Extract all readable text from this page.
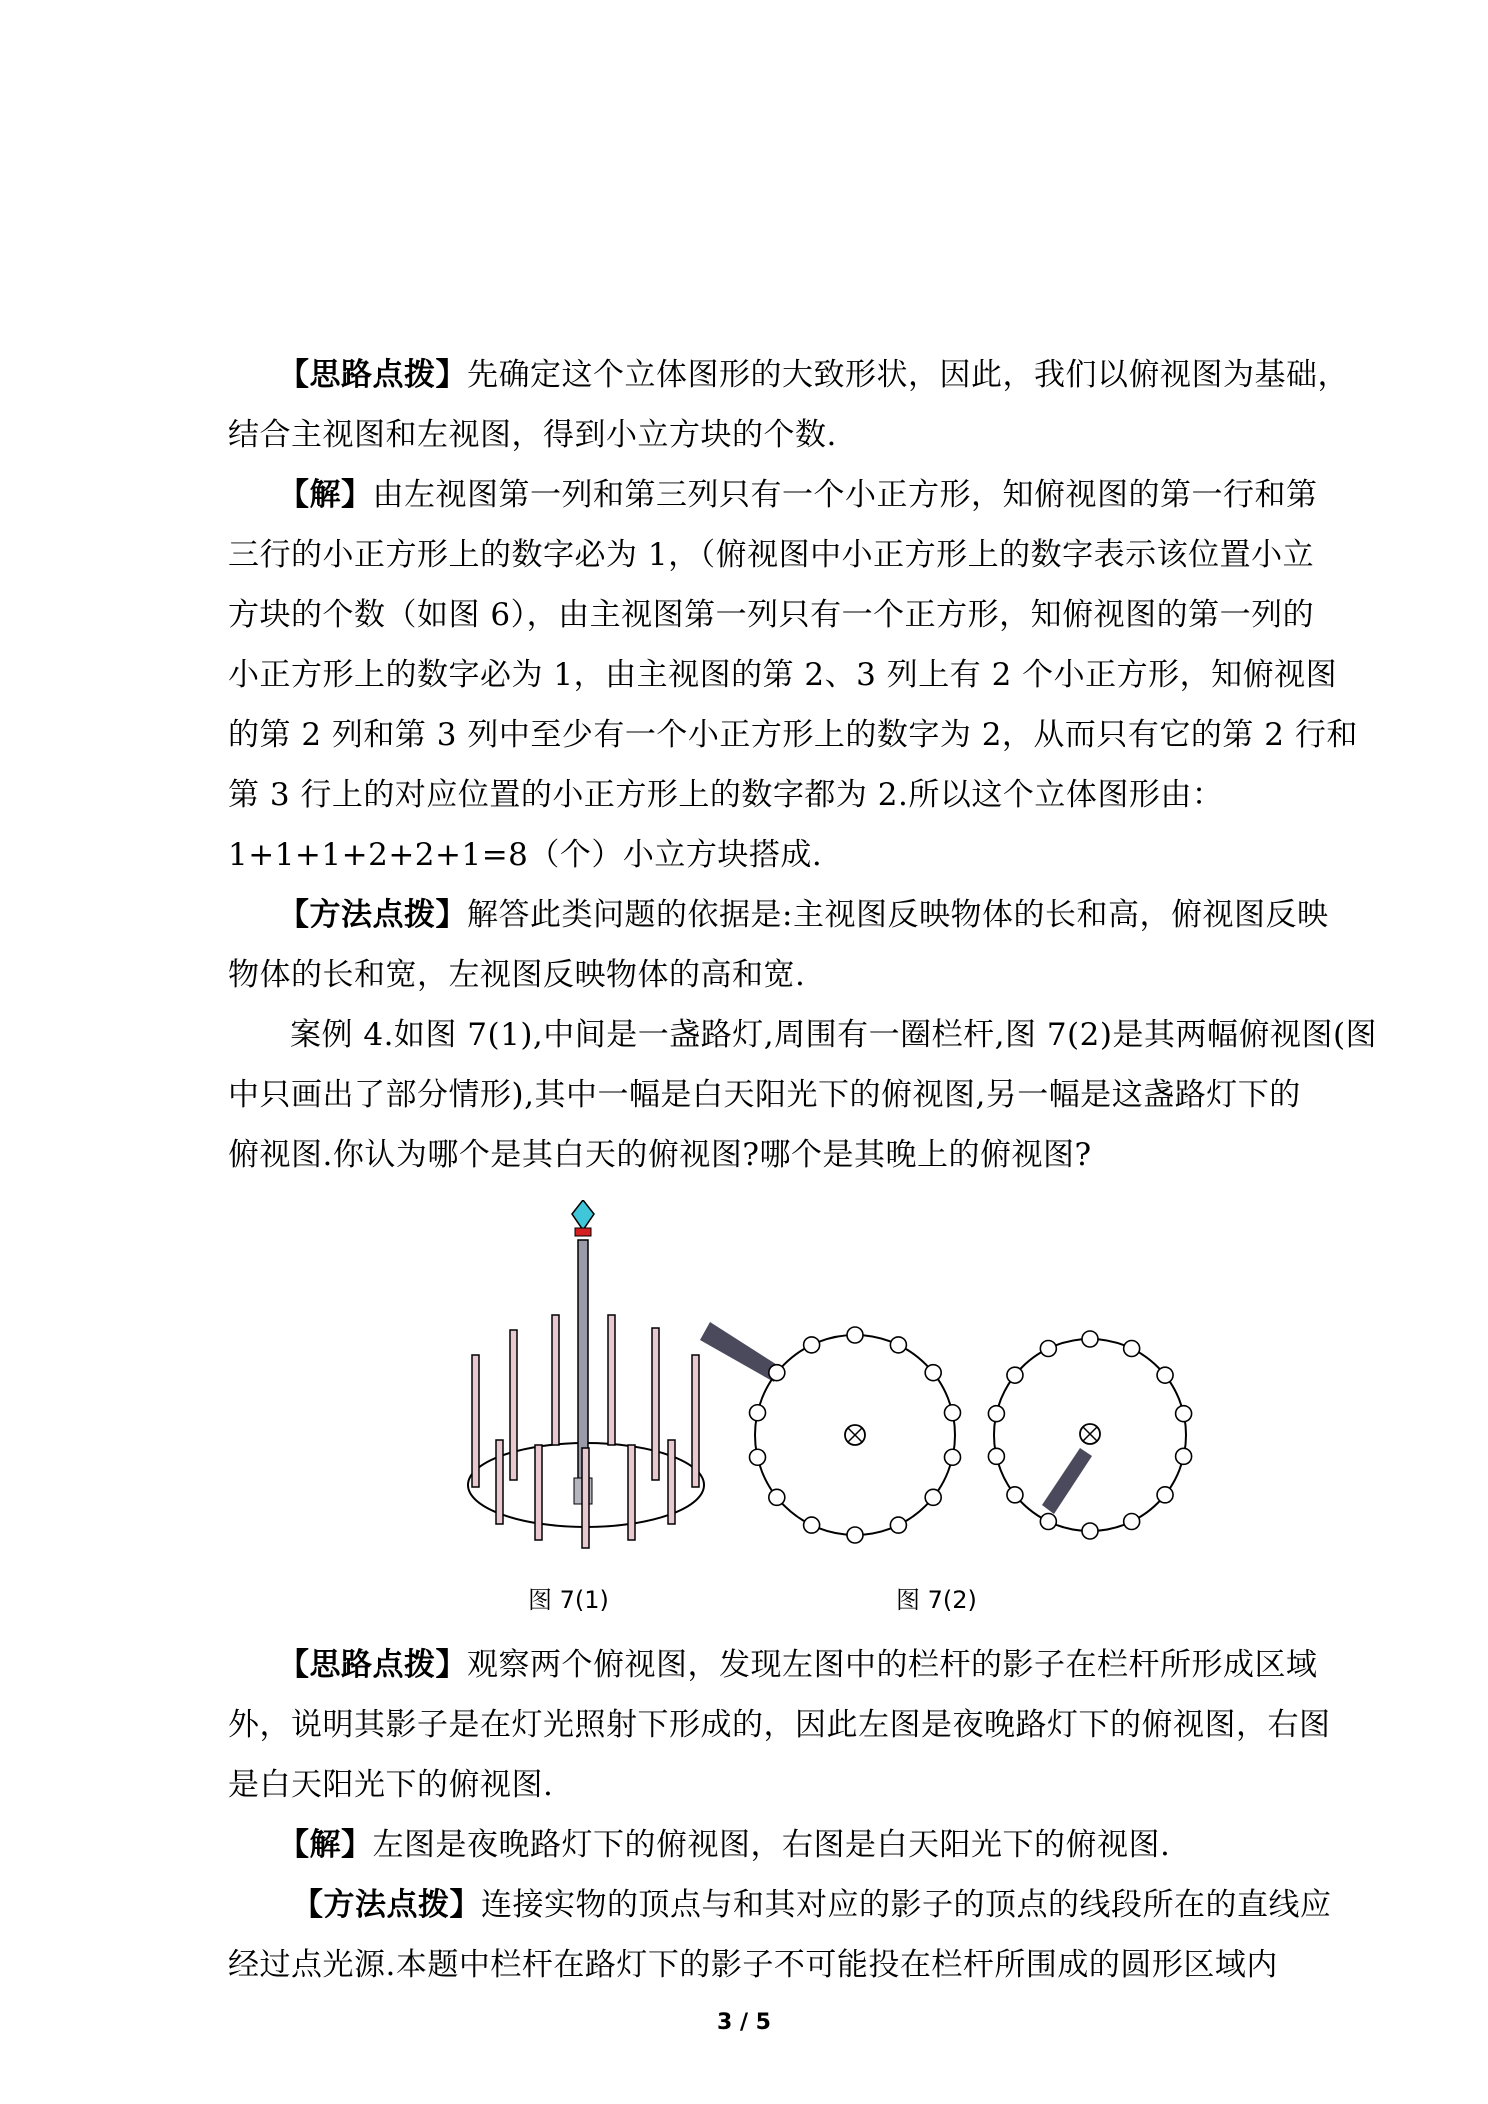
【思路点拨】先确定这个立体图形的大致形状，因此，我们以俯视图为基础，
结合主视图和左视图，得到小立方块的个数.
【解】由左视图第一列和第三列只有一个小正方形，知俯视图的第一行和第
三行的小正方形上的数字必为 1，（俯视图中小正方形上的数字表示该位置小立
方块的个数（如图 6），由主视图第一列只有一个正方形，知俯视图的第一列的
小正方形上的数字必为 1，由主视图的第 2、3 列上有 2 个小正方形，知俯视图
的第 2 列和第 3 列中至少有一个小正方形上的数字为 2，从而只有它的第 2 行和
第 3 行上的对应位置的小正方形上的数字都为 2.所以这个立体图形由：
1+1+1+2+2+1=8（个）小立方块搭成.
【方法点拨】解答此类问题的依据是:主视图反映物体的长和高，俯视图反映
物体的长和宽，左视图反映物体的高和宽.
案例 4.如图 7(1),中间是一盏路灯,周围有一圈栏杆,图 7(2)是其两幅俯视图(图
中只画出了部分情形),其中一幅是白天阳光下的俯视图,另一幅是这盏路灯下的
俯视图.你认为哪个是其白天的俯视图?哪个是其晚上的俯视图?
图 7(1)	图 7(2)
【思路点拨】观察两个俯视图，发现左图中的栏杆的影子在栏杆所形成区域
外，说明其影子是在灯光照射下形成的，因此左图是夜晚路灯下的俯视图，右图
是白天阳光下的俯视图.
【解】左图是夜晚路灯下的俯视图，右图是白天阳光下的俯视图.
【方法点拨】连接实物的顶点与和其对应的影子的顶点的线段所在的直线应
经过点光源.本题中栏杆在路灯下的影子不可能投在栏杆所围成的圆形区域内
3 / 5
